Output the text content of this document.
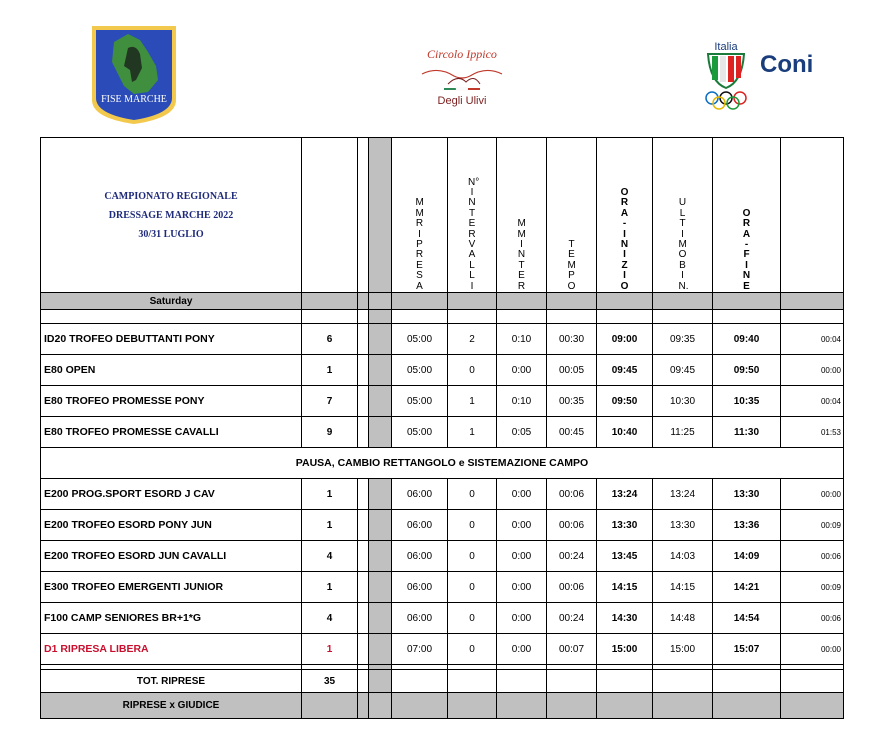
FISE MARCHE
Circolo Ippico
Degli Ulivi
Italia
Coni
CAMPIONATO REGIONALE
DRESSAGE MARCHE 2022
30/31 LUGLIO				MM RIPRESA	N° INTERVALLI	MM INTER	TEMPO	ORA - INIZIO	ULTIMO BIN.	ORA - FINE	
Saturday											

ID20 TROFEO DEBUTTANTI PONY	6			05:00	2	0:10	00:30	09:00	09:35	09:40	00:04
E80 OPEN	1			05:00	0	0:00	00:05	09:45	09:45	09:50	00:00
E80 TROFEO PROMESSE PONY	7			05:00	1	0:10	00:35	09:50	10:30	10:35	00:04
E80 TROFEO PROMESSE CAVALLI	9			05:00	1	0:05	00:45	10:40	11:25	11:30	01:53
PAUSA, CAMBIO RETTANGOLO e SISTEMAZIONE CAMPO											
E200 PROG.SPORT ESORD J CAV	1			06:00	0	0:00	00:06	13:24	13:24	13:30	00:00
E200 TROFEO ESORD PONY JUN	1			06:00	0	0:00	00:06	13:30	13:30	13:36	00:09
E200 TROFEO ESORD JUN CAVALLI	4			06:00	0	0:00	00:24	13:45	14:03	14:09	00:06
E300 TROFEO EMERGENTI JUNIOR	1			06:00	0	0:00	00:06	14:15	14:15	14:21	00:09
F100 CAMP SENIORES BR+1*G	4			06:00	0	0:00	00:24	14:30	14:48	14:54	00:06
D1 RIPRESA LIBERA	1			07:00	0	0:00	00:07	15:00	15:00	15:07	00:00

TOT. RIPRESE	35										
RIPRESE x GIUDICE											
